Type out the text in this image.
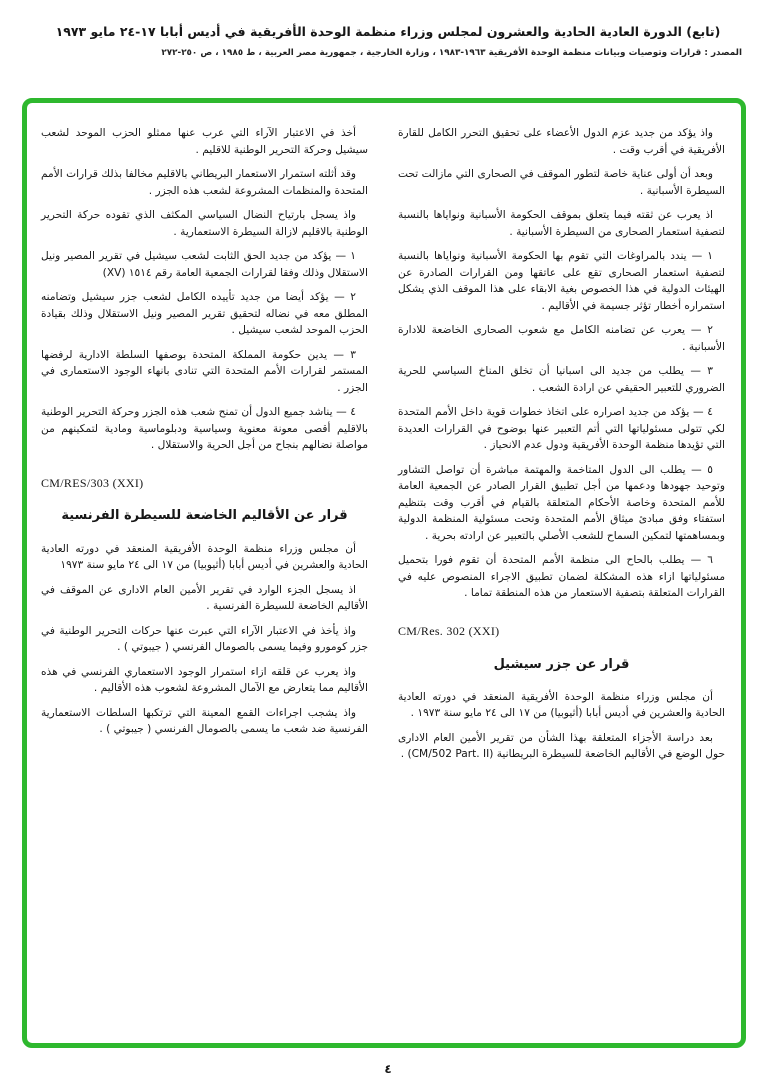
(تابع) الدورة العادية الحادية والعشرون لمجلس وزراء منظمة الوحدة الأفريقية في أديس أبابا ١٧-٢٤ مايو ١٩٧٣
المصدر : قرارات وتوصيات وبيانات منظمة الوحدة الأفريقية ١٩٦٣-١٩٨٣ ، وزارة الخارجية ، جمهورية مصر العربية ، ط ١٩٨٥ ، ص ٢٥٠-٢٧٢

واذ يؤكد من جديد عزم الدول الأعضاء على تحقيق التحرر الكامل للقارة الأفريقية في أقرب وقت .

وبعد أن أولى عناية خاصة لتطور الموقف في الصحارى التي مازالت تحت السيطرة الأسبانية .

اذ يعرب عن ثقته فيما يتعلق بموقف الحكومة الأسبانية ونواياها بالنسبة لتصفية استعمار الصحارى من السيطرة الأسبانية .

١ — يندد بالمراوغات التي تقوم بها الحكومة الأسبانية ونواياها بالنسبة لتصفية استعمار الصحارى تقع على عاتقها ومن القرارات الصادرة عن الهيئات الدولية في هذا الخصوص بغية الابقاء على هذا الموقف الذي يشكل استمراره أخطار تؤثر جسيمة في الأقاليم .

٢ — يعرب عن تضامنه الكامل مع شعوب الصحارى الخاضعة للادارة الأسبانية .

٣ — يطلب من جديد الى اسبانيا أن تخلق المناخ السياسي للحرية الضروري للتعبير الحقيقي عن ارادة الشعب .

٤ — يؤكد من جديد اصراره على اتخاذ خطوات قوية داخل الأمم المتحدة لكي تتولى مسئولياتها التي أتم التعبير عنها بوضوح في القرارات العديدة التي تؤيدها منظمة الوحدة الأفريقية ودول عدم الانحياز .

٥ — يطلب الى الدول المتاخمة والمهتمة مباشرة أن تواصل التشاور وتوحيد جهودها ودعمها من أجل تطبيق القرار الصادر عن الجمعية العامة للأمم المتحدة وخاصة الأحكام المتعلقة بالقيام في أقرب وقت بتنظيم استفتاء وفق مبادئ ميثاق الأمم المتحدة وتحت مسئولية المنظمة الدولية وبمساهمتها لتمكين السماح للشعب الأصلي بالتعبير عن ارادته بحرية .

٦ — يطلب بالحاح الى منظمة الأمم المتحدة أن تقوم فورا بتحميل مسئولياتها ازاء هذه المشكلة لضمان تطبيق الاجراء المنصوص عليه في القرارات المتعلقة بتصفية الاستعمار من هذه المنطقة تماما .

CM/Res. 302 (XXI)
قرار عن جزر سيشيل

أن مجلس وزراء منظمة الوحدة الأفريقية المنعقد في دورته العادية الحادية والعشرين في أديس أبابا (أثيوبيا) من ١٧ الى ٢٤ مايو سنة ١٩٧٣ .

بعد دراسة الأجزاء المتعلقة بهذا الشأن من تقرير الأمين العام الادارى حول الوضع في الأقاليم الخاضعة للسيطرة البريطانية (CM/502 Part. II) .

أخذ في الاعتبار الآراء التي عرب عنها ممثلو الحزب الموحد لشعب سيشيل وحركة التحرير الوطنية للاقليم .

وقد أثلته استمرار الاستعمار البريطاني بالاقليم مخالفا بذلك قرارات الأمم المتحدة والمنظمات المشروعة لشعب هذه الجزر .

واذ يسجل بارتياح النضال السياسي المكثف الذي تقوده حركة التحرير الوطنية بالاقليم لازالة السيطرة الاستعمارية .

١ — يؤكد من جديد الحق الثابت لشعب سيشيل في تقرير المصير ونيل الاستقلال وذلك وفقا لقرارات الجمعية العامة رقم ١٥١٤ (XV)

٢ — يؤكد أيضا من جديد تأييده الكامل لشعب جزر سيشيل وتضامنه المطلق معه في نضاله لتحقيق تقرير المصير ونيل الاستقلال وذلك بقيادة الحزب الموحد لشعب سيشيل .

٣ — يدين حكومة المملكة المتحدة بوصفها السلطة الادارية لرفضها المستمر لقرارات الأمم المتحدة التي تنادى بانهاء الوجود الاستعمارى في الجزر .

٤ — يناشد جميع الدول أن تمنح شعب هذه الجزر وحركة التحرير الوطنية بالاقليم أقصى معونة معنوية وسياسية ودبلوماسية ومادية لتمكينهم من مواصلة نضالهم بنجاح من أجل الحرية والاستقلال .

CM/RES/303 (XXI)
قرار عن الأقاليم الخاضعة للسيطرة الفرنسية

أن مجلس وزراء منظمة الوحدة الأفريقية المنعقد في دورته العادية الحادية والعشرين في أديس أبابا (أثيوبيا) من ١٧ الى ٢٤ مايو سنة ١٩٧٣

اذ يسجل الجزء الوارد في تقرير الأمين العام الادارى عن الموقف في الأقاليم الخاضعة للسيطرة الفرنسية .

واذ يأخذ في الاعتبار الآراء التي عبرت عنها حركات التحرير الوطنية في جزر كومورو وفيما يسمى بالصومال الفرنسي ( جيبوتي ) .

واذ يعرب عن قلقه ازاء استمرار الوجود الاستعماري الفرنسي في هذه الأقاليم مما يتعارض مع الآمال المشروعة لشعوب هذه الأقاليم .

واذ يشجب اجراءات القمع المعينة التي ترتكبها السلطات الاستعمارية الفرنسية ضد شعب ما يسمى بالصومال الفرنسي ( جيبوتي ) .

٤
